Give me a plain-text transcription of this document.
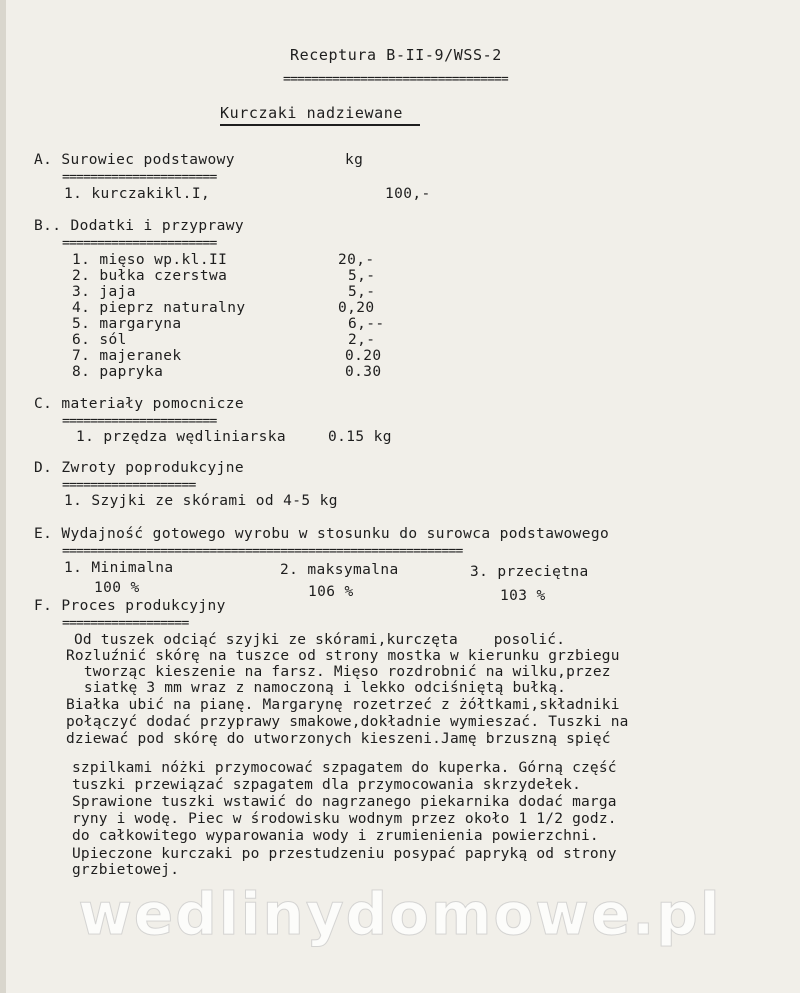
Receptura B-II-9/WSS-2
================================
Kurczaki nadziewane
A. Surowiec podstawowy	kg
======================
1. kurczakikl.I,	100,-
B.. Dodatki i przyprawy
======================
1. mięso wp.kl.II	20,-
2. bułka czerstwa	5,-
3. jaja	5,-
4. pieprz naturalny	0,20
5. margaryna	6,--
6. sól	2,-
7. majeranek	0.20
8. papryka	0.30
C. materiały pomocnicze
======================
1. przędza wędliniarska	0.15 kg
D. Zwroty poprodukcyjne
===================
1. Szyjki ze skórami od 4-5 kg
E. Wydajność gotowego wyrobu w stosunku do surowca podstawowego
=========================================================
1. Minimalna	2. maksymalna	3. przeciętna
100 %	106 %	103 %
F. Proces produkcyjny
==================
Od tuszek odciąć szyjki ze skórami,kurczęta    posolić.
Rozluźnić skórę na tuszce od strony mostka w kierunku grzbiegu
tworząc kieszenie na farsz. Mięso rozdrobnić na wilku,przez
siatkę 3 mm wraz z namoczoną i lekko odciśniętą bułką.
Białka ubić na pianę. Margarynę rozetrzeć z żółtkami,składniki
połączyć dodać przyprawy smakowe,dokładnie wymieszać. Tuszki na
dziewać pod skórę do utworzonych kieszeni.Jamę brzuszną spięć
szpilkami nóżki przymocować szpagatem do kuperka. Górną część
tuszki przewiązać szpagatem dla przymocowania skrzydełek.
Sprawione tuszki wstawić do nagrzanego piekarnika dodać marga
ryny i wodę. Piec w środowisku wodnym przez około 1 1/2 godz.
do całkowitego wyparowania wody i zrumienienia powierzchni.
Upieczone kurczaki po przestudzeniu posypać papryką od strony
grzbietowej.
wedlinydomowe.pl
